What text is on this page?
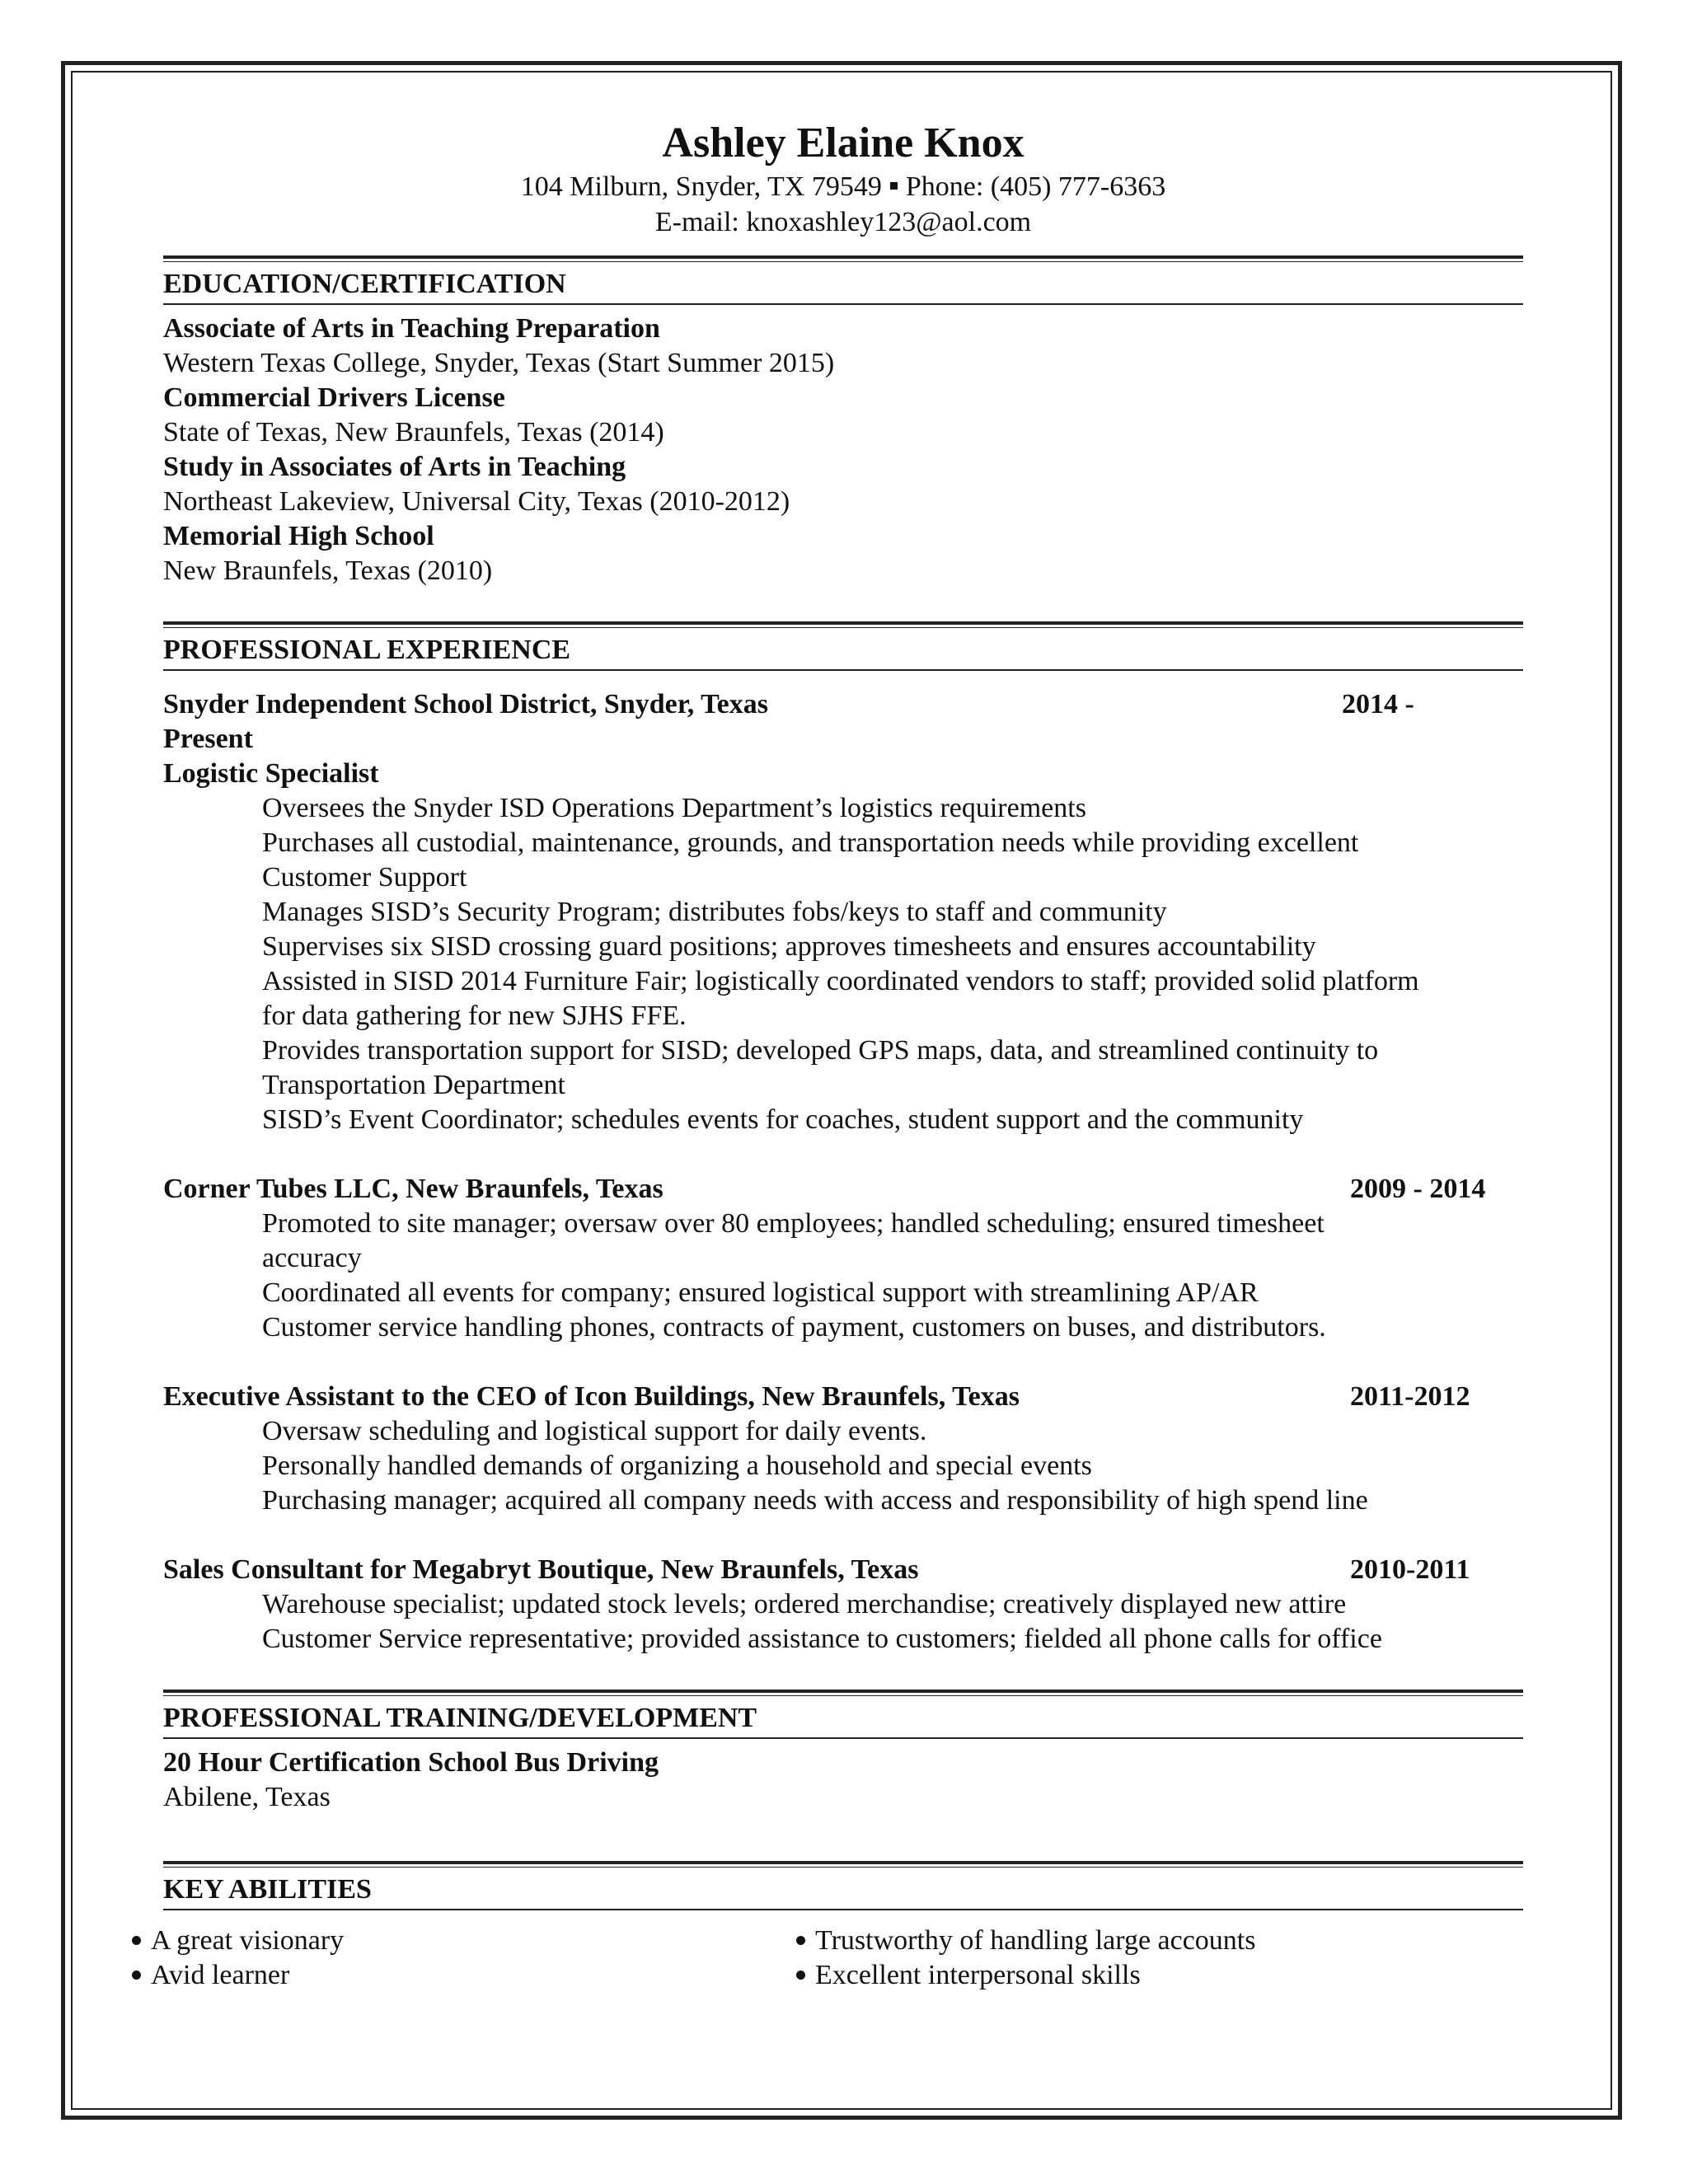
Ashley Elaine Knox
104 Milburn, Snyder, TX 79549 Phone: (405) 777-6363
E-mail: knoxashley123@aol.com
EDUCATION/CERTIFICATION
Associate of Arts in Teaching Preparation
Western Texas College, Snyder, Texas (Start Summer 2015)
Commercial Drivers License
State of Texas, New Braunfels, Texas (2014)
Study in Associates of Arts in Teaching
Northeast Lakeview, Universal City, Texas (2010-2012)
Memorial High School
New Braunfels, Texas (2010)
PROFESSIONAL EXPERIENCE
Snyder Independent School District, Snyder, Texas	2014 -
Present
Logistic Specialist
Oversees the Snyder ISD Operations Department’s logistics requirements
Purchases all custodial, maintenance, grounds, and transportation needs while providing excellent
Customer Support
Manages SISD’s Security Program; distributes fobs/keys to staff and community
Supervises six SISD crossing guard positions; approves timesheets and ensures accountability
Assisted in SISD 2014 Furniture Fair; logistically coordinated vendors to staff; provided solid platform
for data gathering for new SJHS FFE.
Provides transportation support for SISD; developed GPS maps, data, and streamlined continuity to
Transportation Department
SISD’s Event Coordinator; schedules events for coaches, student support and the community
Corner Tubes LLC, New Braunfels, Texas	2009 - 2014
Promoted to site manager; oversaw over 80 employees; handled scheduling; ensured timesheet
accuracy
Coordinated all events for company; ensured logistical support with streamlining AP/AR
Customer service handling phones, contracts of payment, customers on buses, and distributors.
Executive Assistant to the CEO of Icon Buildings, New Braunfels, Texas	2011-2012
Oversaw scheduling and logistical support for daily events.
Personally handled demands of organizing a household and special events
Purchasing manager; acquired all company needs with access and responsibility of high spend line
Sales Consultant for Megabryt Boutique, New Braunfels, Texas	2010-2011
Warehouse specialist; updated stock levels; ordered merchandise; creatively displayed new attire
Customer Service representative; provided assistance to customers; fielded all phone calls for office
PROFESSIONAL TRAINING/DEVELOPMENT
20 Hour Certification School Bus Driving
Abilene, Texas
KEY ABILITIES
A great visionary	Trustworthy of handling large accounts
Avid learner	Excellent interpersonal skills
